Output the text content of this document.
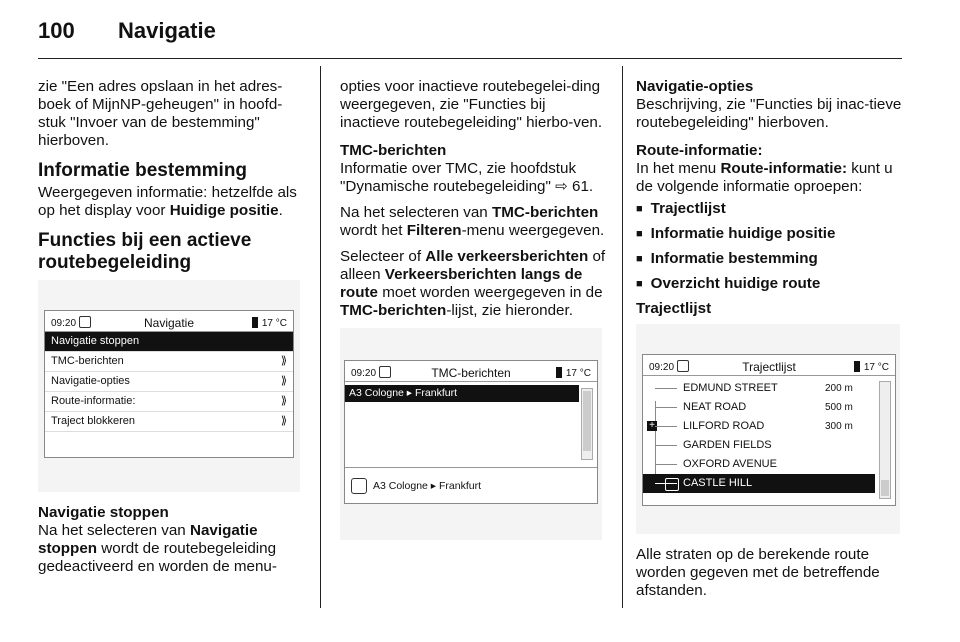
100 Navigatie

zie "Een adres opslaan in het adres-boek of MijnNP-geheugen" in hoofd-stuk "Invoer van de bestemming" hierboven.

Informatie bestemming

Weergegeven informatie: hetzelfde als op het display voor Huidige positie.

Functies bij een actieve routebegeleiding
09:20	Navigatie	17 °C
Navigatie stoppen
TMC-berichten	⟫
Navigatie-opties	⟫
Route-informatie:	⟫
Traject blokkeren	⟫
Navigatie stoppen

Na het selecteren van Navigatie stoppen wordt de routebegeleiding gedeactiveerd en worden de menu-

opties voor inactieve routebegelei-ding weergegeven, zie "Functies bij inactieve routebegeleiding" hierbo-ven.

TMC-berichten

Informatie over TMC, zie hoofdstuk "Dynamische routebegeleiding" ⇨ 61.

Na het selecteren van TMC-berichten wordt het Filteren-menu weergegeven.

Selecteer of Alle verkeersberichten of alleen Verkeersberichten langs de route moet worden weergegeven in de TMC-berichten-lijst, zie hieronder.

09:20	TMC-berichten	17 °C
A3 Cologne ▸ Frankfurt
A3 Cologne ▸ Frankfurt
Navigatie-opties

Beschrijving, zie "Functies bij inac-tieve routebegeleiding" hierboven.

Route-informatie:

In het menu Route-informatie: kunt u de volgende informatie oproepen:

■ Trajectlijst
■ Informatie huidige positie
■ Informatie bestemming
■ Overzicht huidige route
Trajectlijst
09:20	Trajectlijst	17 °C
EDMUND STREET	200 m
NEAT ROAD	500 m
+	LILFORD ROAD	300 m
GARDEN FIELDS
OXFORD AVENUE
CASTLE HILL

Alle straten op de berekende route worden gegeven met de betreffende afstanden.
